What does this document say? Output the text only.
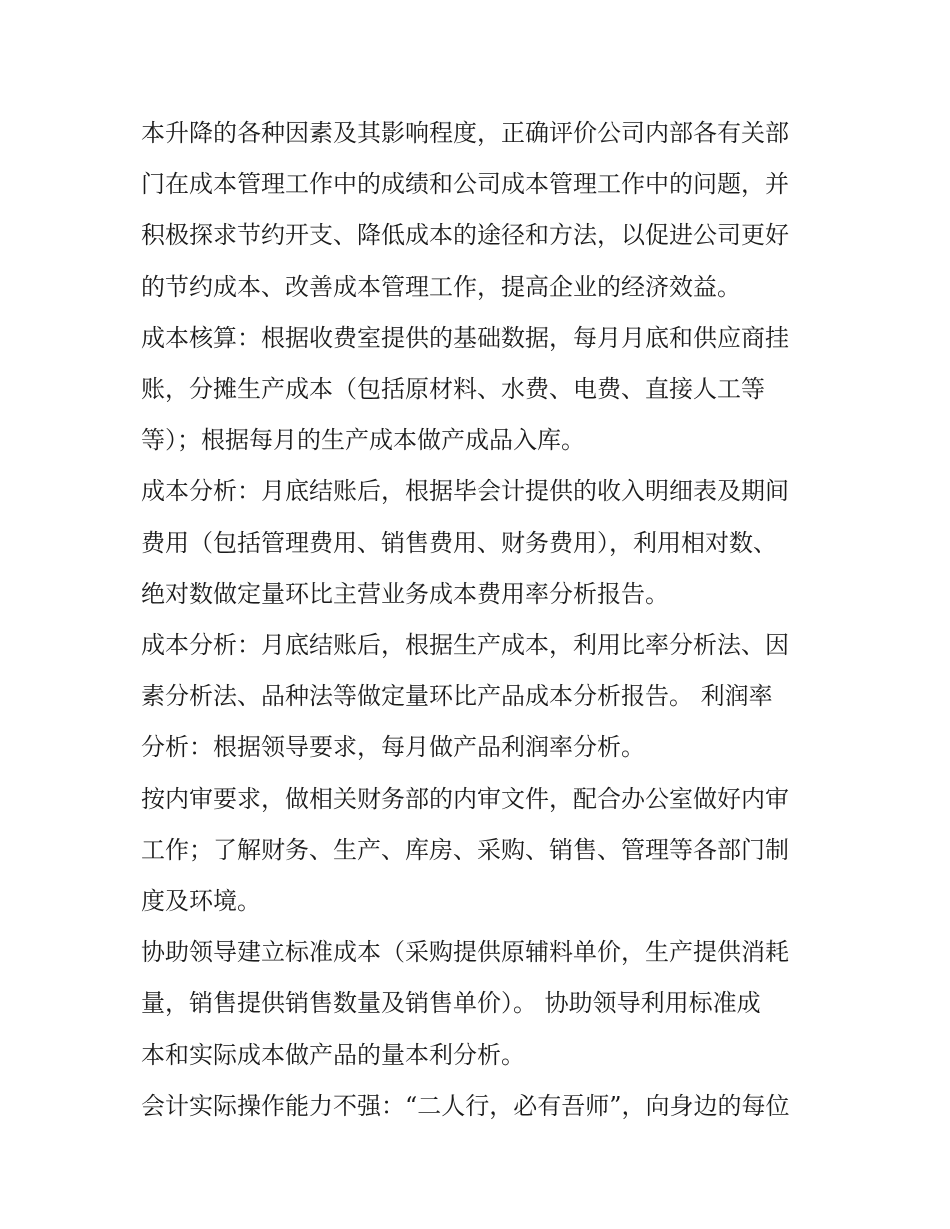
本升降的各种因素及其影响程度，正确评价公司内部各有关部
门在成本管理工作中的成绩和公司成本管理工作中的问题，并
积极探求节约开支、降低成本的途径和方法，以促进公司更好
的节约成本、改善成本管理工作，提高企业的经济效益。

成本核算：根据收费室提供的基础数据，每月月底和供应商挂
账，分摊生产成本（包括原材料、水费、电费、直接人工等
等）；根据每月的生产成本做产成品入库。

成本分析：月底结账后，根据毕会计提供的收入明细表及期间
费用（包括管理费用、销售费用、财务费用），利用相对数、
绝对数做定量环比主营业务成本费用率分析报告。

成本分析：月底结账后，根据生产成本，利用比率分析法、因
素分析法、品种法等做定量环比产品成本分析报告。 利润率
分析：根据领导要求，每月做产品利润率分析。

按内审要求，做相关财务部的内审文件，配合办公室做好内审
工作；了解财务、生产、库房、采购、销售、管理等各部门制
度及环境。

协助领导建立标准成本（采购提供原辅料单价，生产提供消耗
量，销售提供销售数量及销售单价）。 协助领导利用标准成
本和实际成本做产品的量本利分析。

会计实际操作能力不强：“二人行，必有吾师”，向身边的每位
